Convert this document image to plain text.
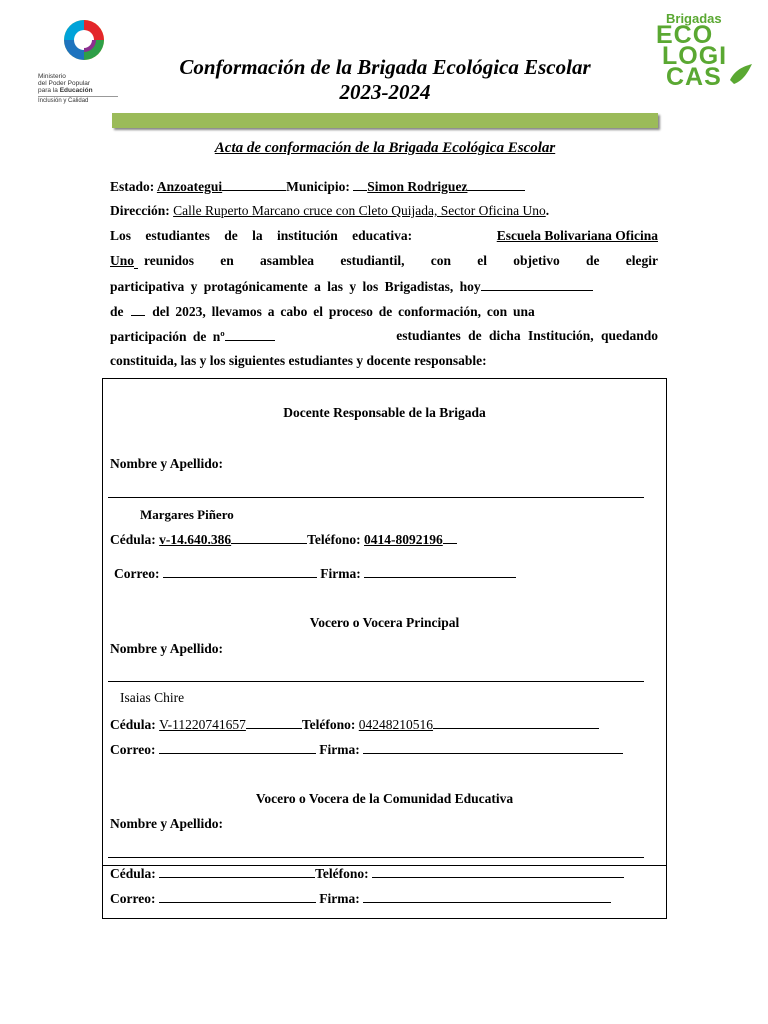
Ministerio
del Poder Popular
para la Educación
Inclusión y Calidad
Conformación de la Brigada Ecológica Escolar
2023-2024
Brigadas
ECO
LOGI
CAS
Acta de conformación de la Brigada Ecológica Escolar
Estado: Anzoategui	Municipio: Simon Rodriguez
Dirección: Calle Ruperto Marcano cruce con Cleto Quijada, Sector Oficina Uno.
Los estudiantes de la institución educativa:	Escuela Bolivariana Oficina
Uno reunidos en asamblea estudiantil, con el objetivo de elegir
participativa y protagónicamente a las y los Brigadistas, hoy
de del 2023, llevamos a cabo el proceso de conformación, con una
participación de nº	estudiantes de dicha Institución, quedando
constituida, las y los siguientes estudiantes y docente responsable:
Docente Responsable de la Brigada
Nombre y Apellido:
Margares Piñero
Cédula: v-14.640.386	Teléfono: 0414-8092196
Correo:	Firma:
Vocero o Vocera Principal
Nombre y Apellido:
Isaias Chire
Cédula: V-11220741657	Teléfono: 04248210516
Correo:	Firma:
Vocero o Vocera de la Comunidad Educativa
Nombre y Apellido:
Cédula:	Teléfono:
Correo:	Firma:
